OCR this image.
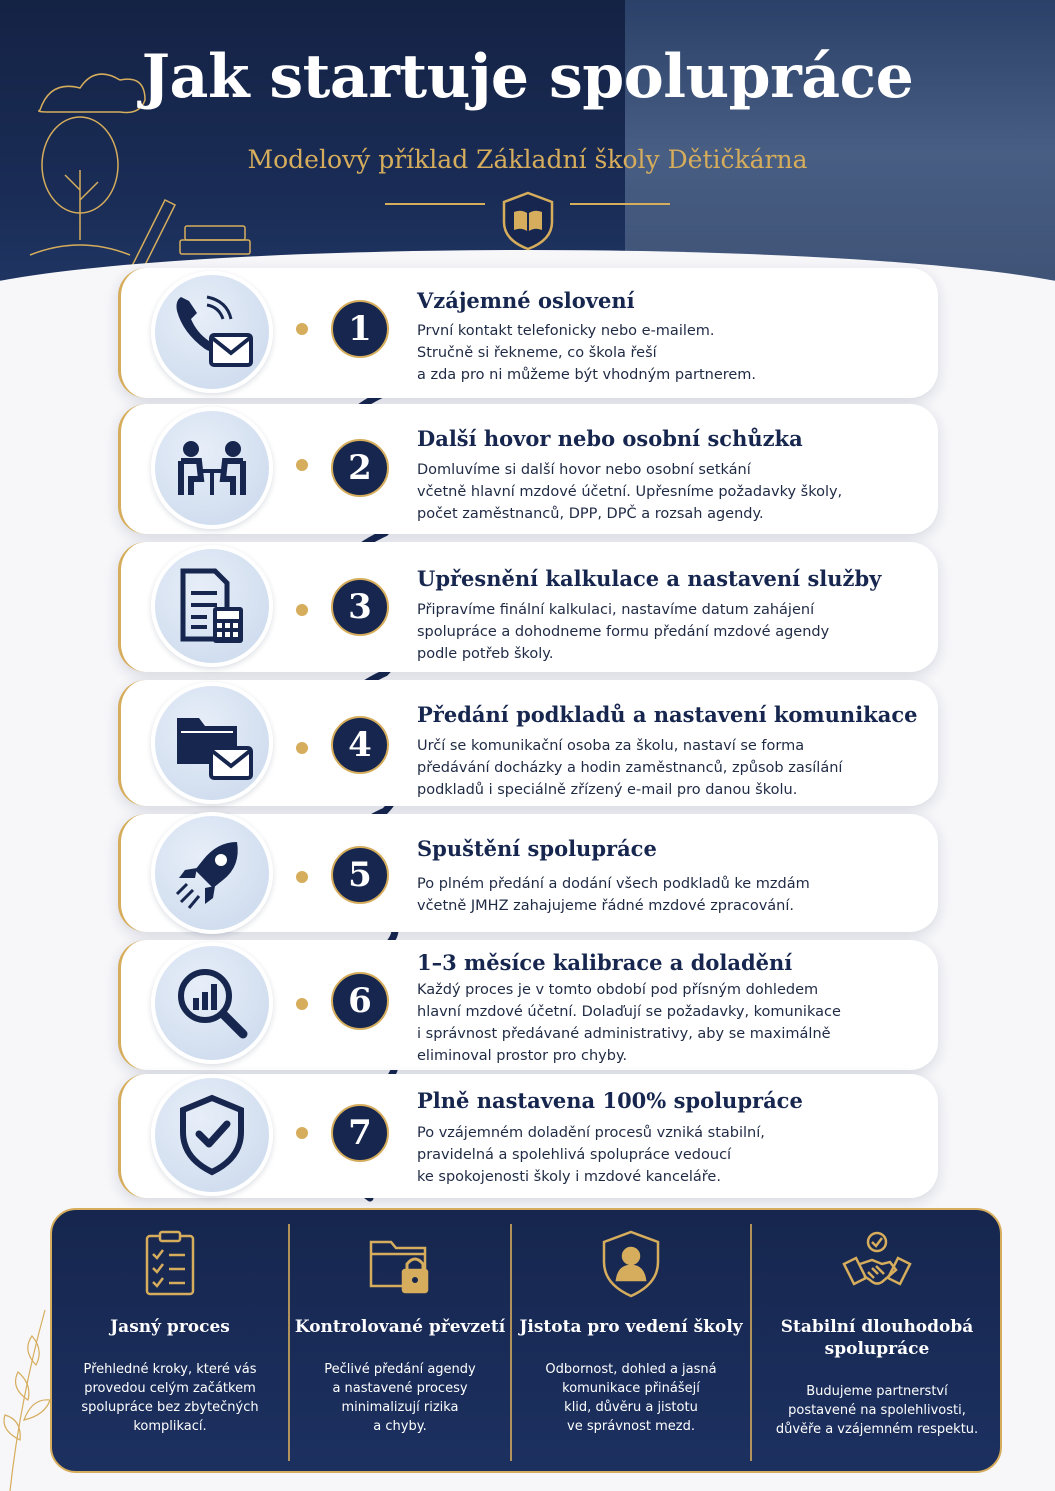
Jak startuje spolupráce
Modelový příklad Základní školy Dětičkárna
1
Vzájemné oslovení
První kontakt telefonicky nebo e-mailem.
Stručně si řekneme, co škola řeší
a zda pro ni můžeme být vhodným partnerem.
2
Další hovor nebo osobní schůzka
Domluvíme si další hovor nebo osobní setkání
včetně hlavní mzdové účetní. Upřesníme požadavky školy,
počet zaměstnanců, DPP, DPČ a rozsah agendy.
3
Upřesnění kalkulace a nastavení služby
Připravíme finální kalkulaci, nastavíme datum zahájení
spolupráce a dohodneme formu předání mzdové agendy
podle potřeb školy.
4
Předání podkladů a nastavení komunikace
Určí se komunikační osoba za školu, nastaví se forma
předávání docházky a hodin zaměstnanců, způsob zasílání
podkladů i speciálně zřízený e-mail pro danou školu.
5
Spuštění spolupráce
Po plném předání a dodání všech podkladů ke mzdám
včetně JMHZ zahajujeme řádné mzdové zpracování.
6
1–3 měsíce kalibrace a doladění
Každý proces je v tomto období pod přísným dohledem
hlavní mzdové účetní. Dolaďují se požadavky, komunikace
i správnost předávané administrativy, aby se maximálně
eliminoval prostor pro chyby.
7
Plně nastavena 100% spolupráce
Po vzájemném doladění procesů vzniká stabilní,
pravidelná a spolehlivá spolupráce vedoucí
ke spokojenosti školy i mzdové kanceláře.
Jasný proces
Přehledné kroky, které vás
provedou celým začátkem
spolupráce bez zbytečných
komplikací.
Kontrolované převzetí
Pečlivé předání agendy
a nastavené procesy
minimalizují rizika
a chyby.
Jistota pro vedení školy
Odbornost, dohled a jasná
komunikace přinášejí
klid, důvěru a jistotu
ve správnost mezd.
Stabilní dlouhodobá
spolupráce
Budujeme partnerství
postavené na spolehlivosti,
důvěře a vzájemném respektu.
